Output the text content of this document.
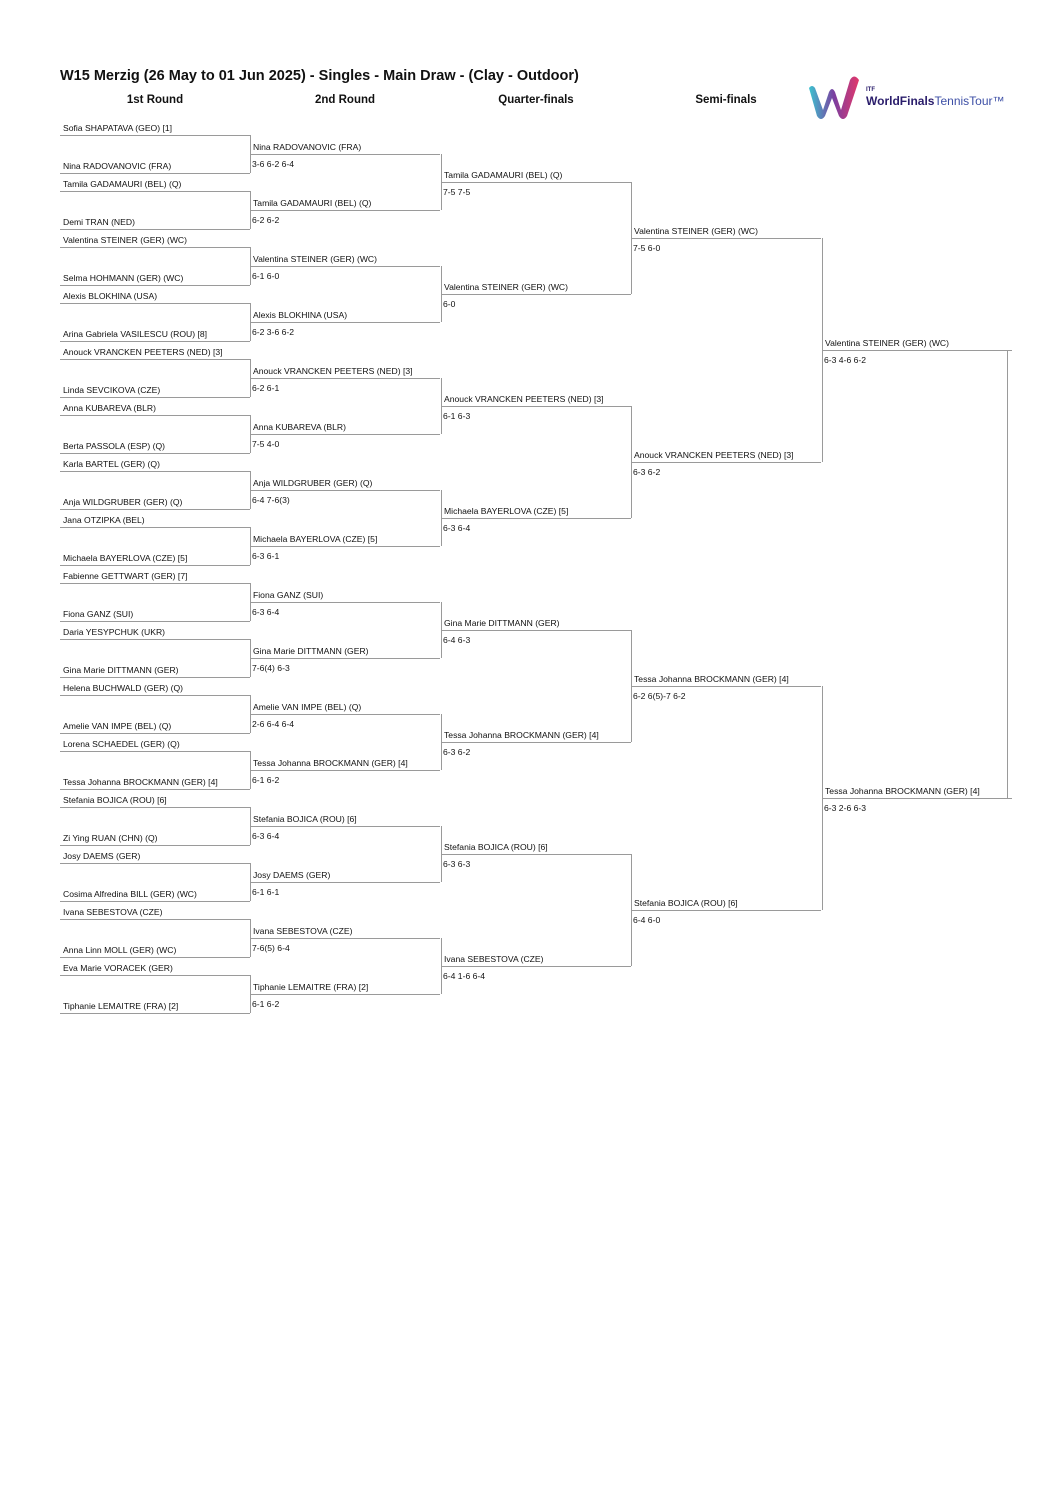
W15 Merzig (26 May to 01 Jun 2025) - Singles - Main Draw - (Clay - Outdoor)
1st Round	2nd Round	Quarter-finals	Semi-finals
ITF
WorldFinalsTennisTour™
Sofia SHAPATAVA (GEO) [1]
Nina RADOVANOVIC (FRA)
Tamila GADAMAURI (BEL) (Q)
Demi TRAN (NED)
Valentina STEINER (GER) (WC)
Selma HOHMANN (GER) (WC)
Alexis BLOKHINA (USA)
Arina Gabriela VASILESCU (ROU) [8]
Anouck VRANCKEN PEETERS (NED) [3]
Linda SEVCIKOVA (CZE)
Anna KUBAREVA (BLR)
Berta PASSOLA (ESP) (Q)
Karla BARTEL (GER) (Q)
Anja WILDGRUBER (GER) (Q)
Jana OTZIPKA (BEL)
Michaela BAYERLOVA (CZE) [5]
Fabienne GETTWART (GER) [7]
Fiona GANZ (SUI)
Daria YESYPCHUK (UKR)
Gina Marie DITTMANN (GER)
Helena BUCHWALD (GER) (Q)
Amelie VAN IMPE (BEL) (Q)
Lorena SCHAEDEL (GER) (Q)
Tessa Johanna BROCKMANN (GER) [4]
Stefania BOJICA (ROU) [6]
Zi Ying RUAN (CHN) (Q)
Josy DAEMS (GER)
Cosima Alfredina BILL (GER) (WC)
Ivana SEBESTOVA (CZE)
Anna Linn MOLL (GER) (WC)
Eva Marie VORACEK (GER)
Tiphanie LEMAITRE (FRA) [2]
Nina RADOVANOVIC (FRA)
3-6 6-2 6-4
Tamila GADAMAURI (BEL) (Q)
6-2 6-2
Valentina STEINER (GER) (WC)
6-1 6-0
Alexis BLOKHINA (USA)
6-2 3-6 6-2
Anouck VRANCKEN PEETERS (NED) [3]
6-2 6-1
Anna KUBAREVA (BLR)
7-5 4-0
Anja WILDGRUBER (GER) (Q)
6-4 7-6(3)
Michaela BAYERLOVA (CZE) [5]
6-3 6-1
Fiona GANZ (SUI)
6-3 6-4
Gina Marie DITTMANN (GER)
7-6(4) 6-3
Amelie VAN IMPE (BEL) (Q)
2-6 6-4 6-4
Tessa Johanna BROCKMANN (GER) [4]
6-1 6-2
Stefania BOJICA (ROU) [6]
6-3 6-4
Josy DAEMS (GER)
6-1 6-1
Ivana SEBESTOVA (CZE)
7-6(5) 6-4
Tiphanie LEMAITRE (FRA) [2]
6-1 6-2
Tamila GADAMAURI (BEL) (Q)
7-5 7-5
Valentina STEINER (GER) (WC)
6-0
Anouck VRANCKEN PEETERS (NED) [3]
6-1 6-3
Michaela BAYERLOVA (CZE) [5]
6-3 6-4
Gina Marie DITTMANN (GER)
6-4 6-3
Tessa Johanna BROCKMANN (GER) [4]
6-3 6-2
Stefania BOJICA (ROU) [6]
6-3 6-3
Ivana SEBESTOVA (CZE)
6-4 1-6 6-4
Valentina STEINER (GER) (WC)
7-5 6-0
Anouck VRANCKEN PEETERS (NED) [3]
6-3 6-2
Tessa Johanna BROCKMANN (GER) [4]
6-2 6(5)-7 6-2
Stefania BOJICA (ROU) [6]
6-4 6-0
Valentina STEINER (GER) (WC)
6-3 4-6 6-2
Tessa Johanna BROCKMANN (GER) [4]
6-3 2-6 6-3
